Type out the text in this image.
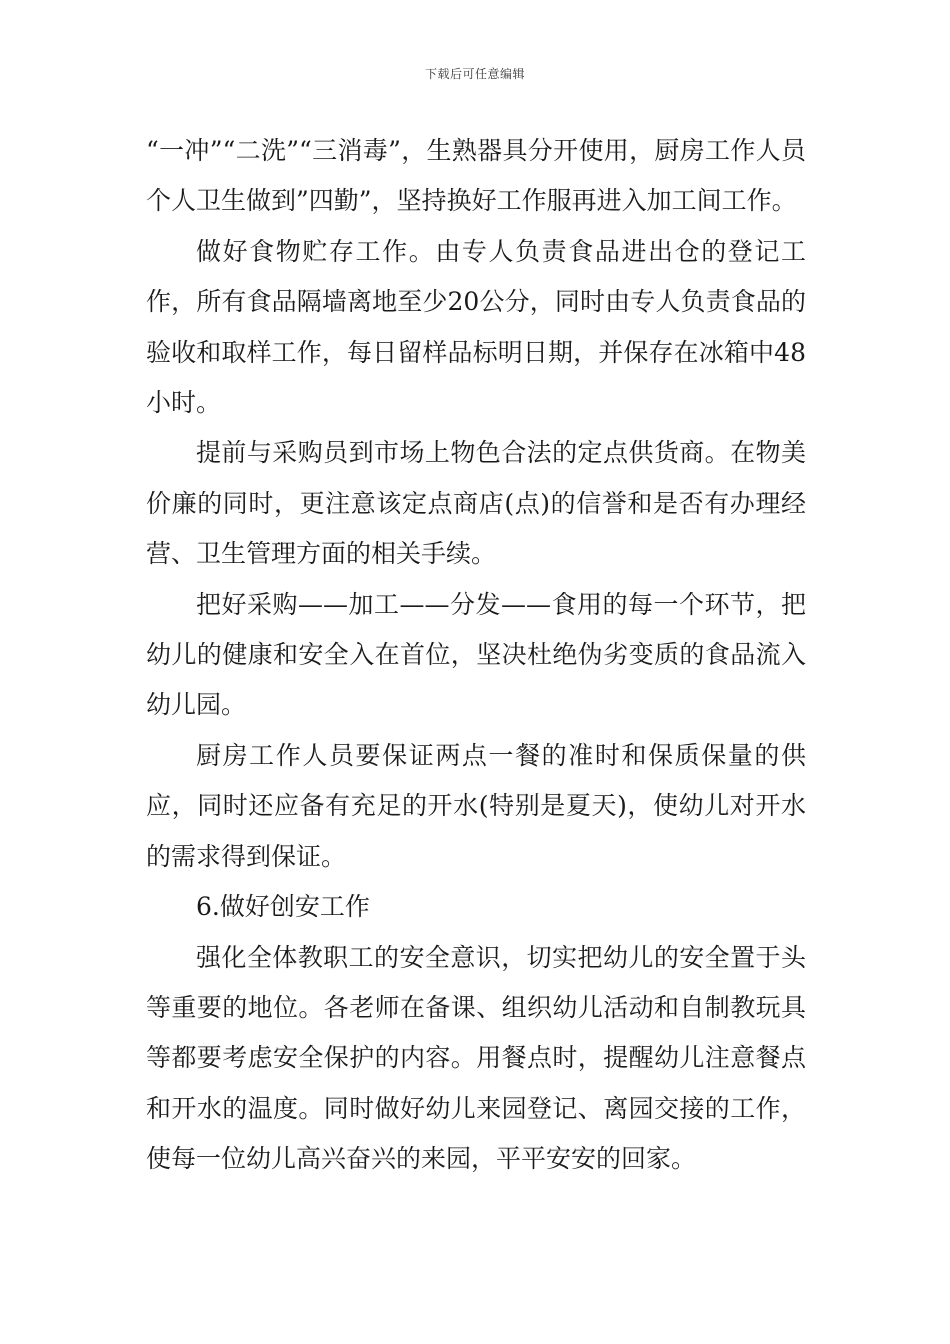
下载后可任意编辑

“一冲”“二洗”“三消毒”，生熟器具分开使用，厨房工作人员个人卫生做到”四勤”，坚持换好工作服再进入加工间工作。

做好食物贮存工作。由专人负责食品进出仓的登记工作，所有食品隔墙离地至少20公分，同时由专人负责食品的验收和取样工作，每日留样品标明日期，并保存在冰箱中48小时。

提前与采购员到市场上物色合法的定点供货商。在物美价廉的同时，更注意该定点商店(点)的信誉和是否有办理经营、卫生管理方面的相关手续。

把好采购——加工——分发——食用的每一个环节，把幼儿的健康和安全入在首位，坚决杜绝伪劣变质的食品流入幼儿园。

厨房工作人员要保证两点一餐的准时和保质保量的供应，同时还应备有充足的开水(特别是夏天)，使幼儿对开水的需求得到保证。

6.做好创安工作

强化全体教职工的安全意识，切实把幼儿的安全置于头等重要的地位。各老师在备课、组织幼儿活动和自制教玩具等都要考虑安全保护的内容。用餐点时，提醒幼儿注意餐点和开水的温度。同时做好幼儿来园登记、离园交接的工作，使每一位幼儿高兴奋兴的来园，平平安安的回家。
